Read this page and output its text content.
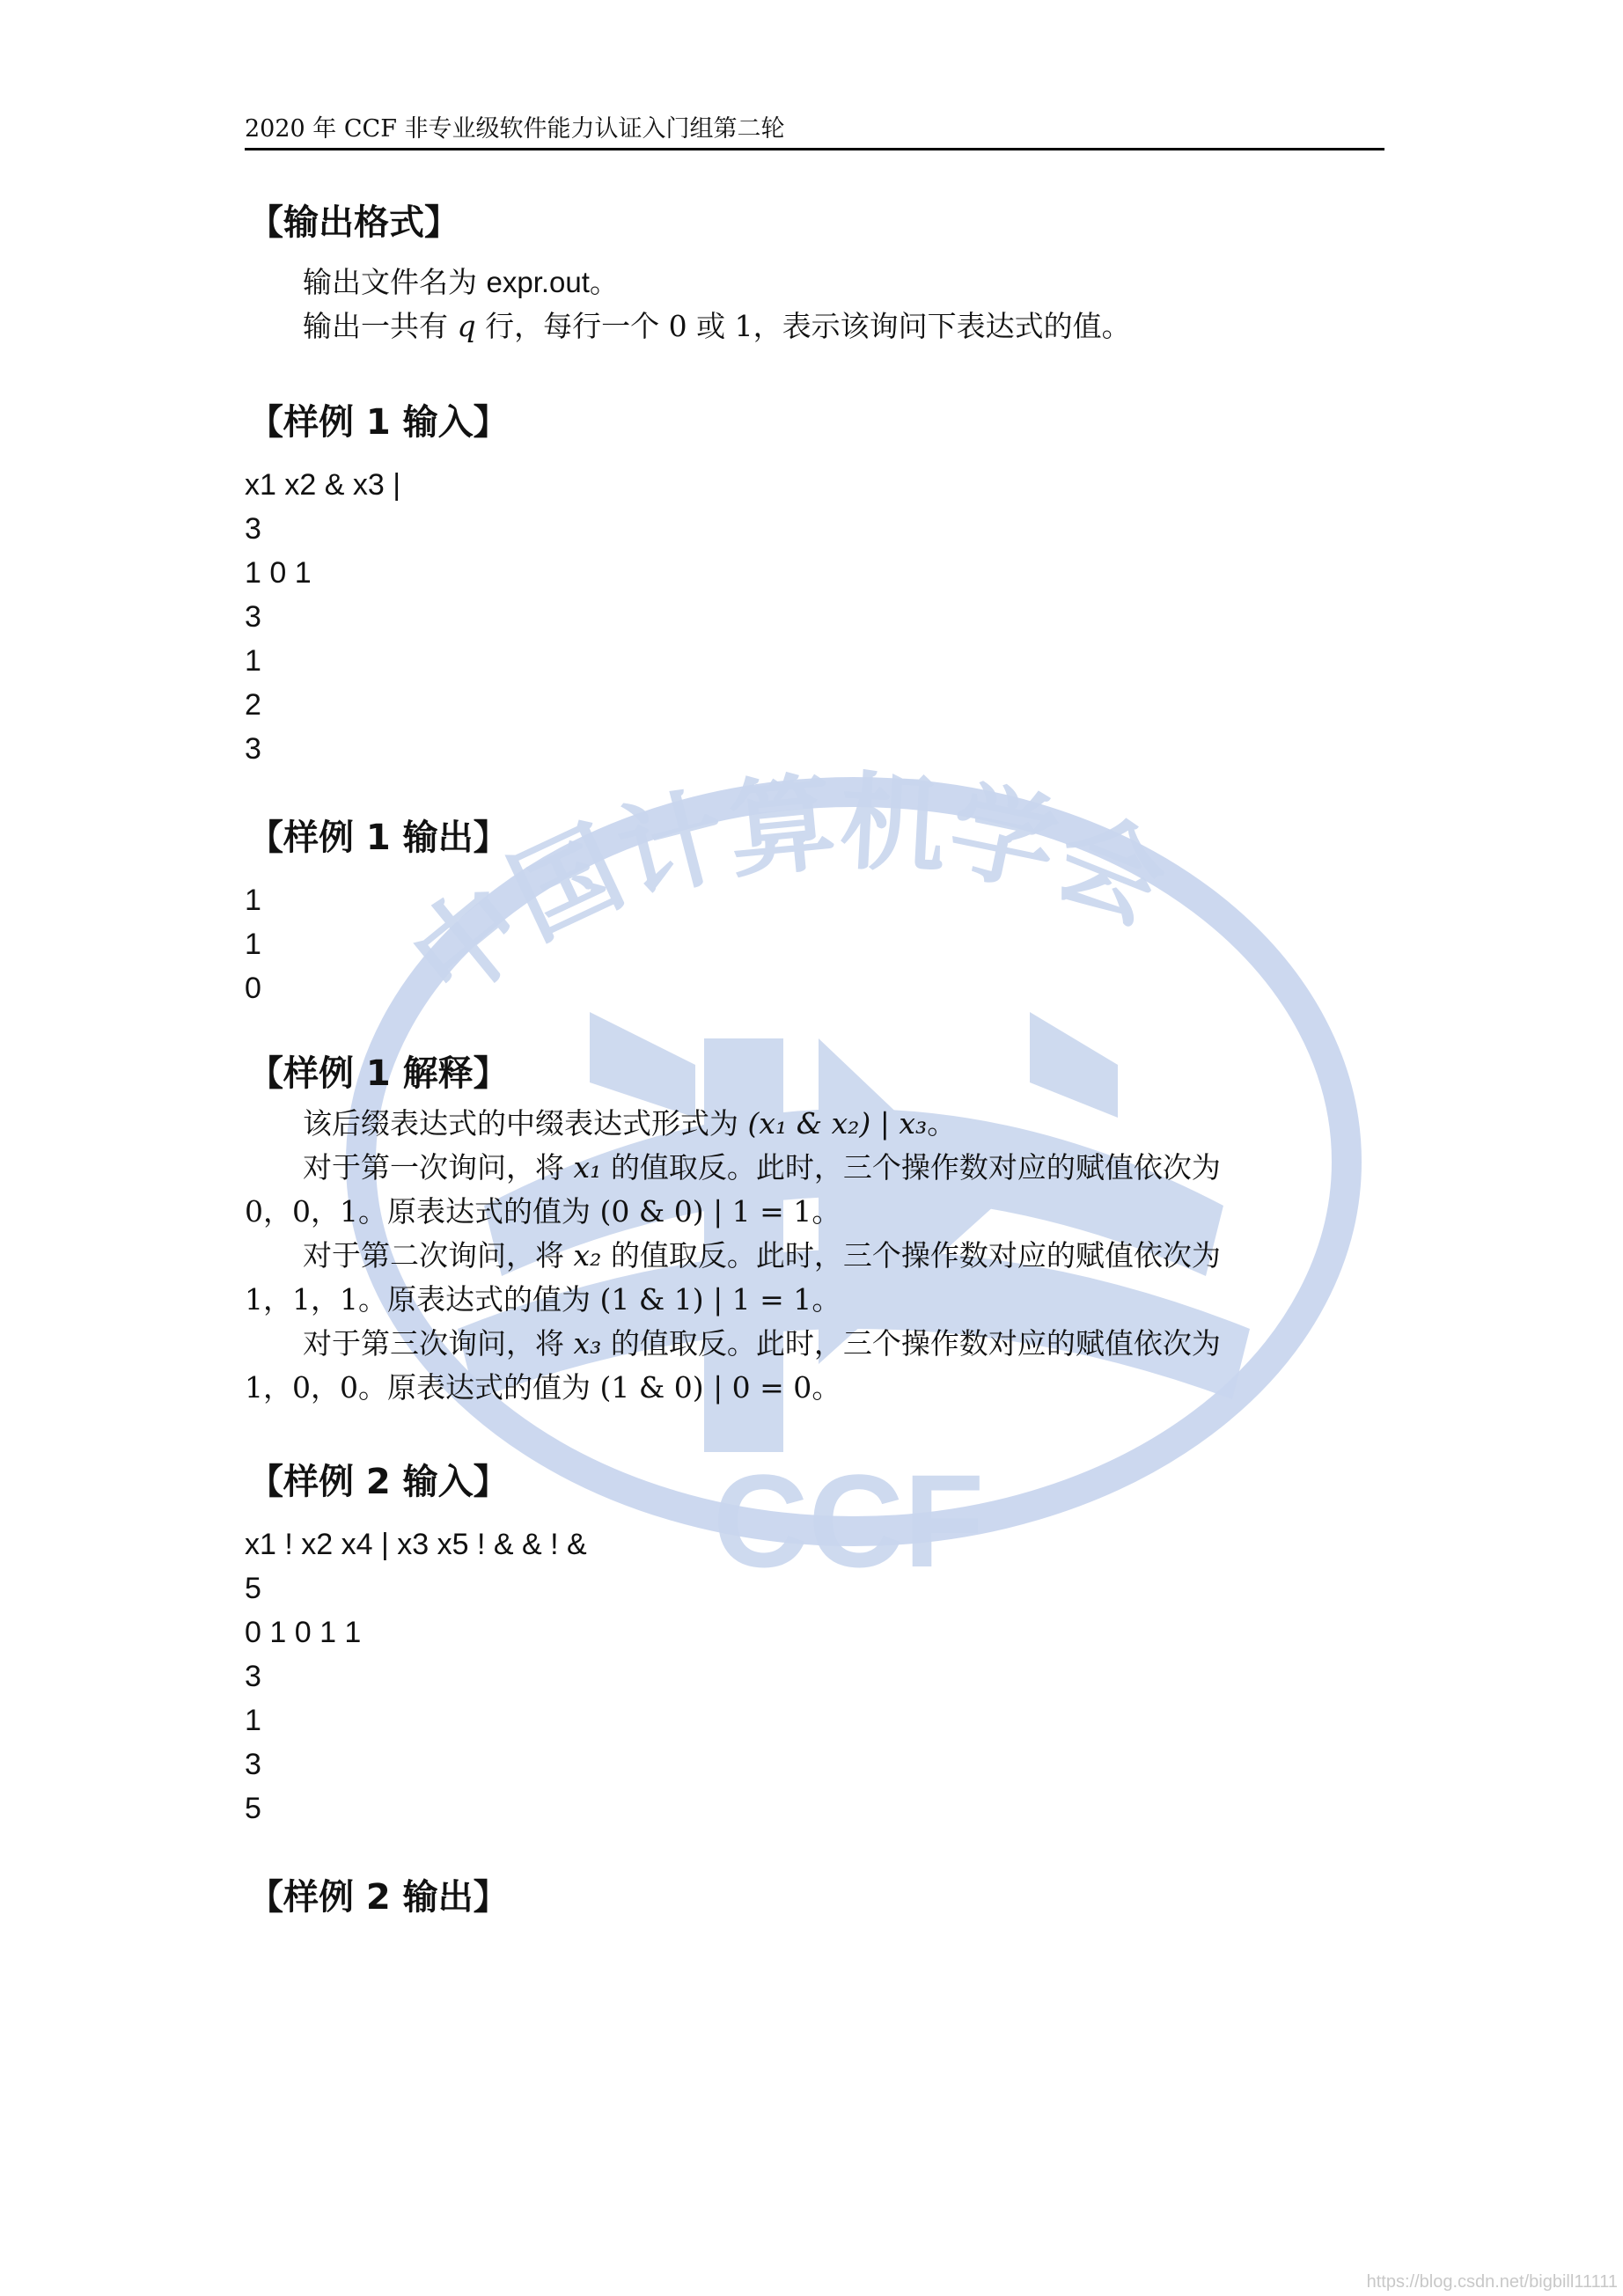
中国计算机学会
CCF
2020 年 CCF 非专业级软件能力认证入门组第二轮
【输出格式】

输出文件名为 expr.out。

输出一共有 q 行，每行一个 0 或 1，表示该询问下表达式的值。

【样例 1 输入】
x1 x2 & x3 |
3
1 0 1
3
1
2
3
【样例 1 输出】
1
1
0
【样例 1 解释】

该后缀表达式的中缀表达式形式为 (x₁ & x₂) | x₃。

对于第一次询问，将 x₁ 的值取反。此时，三个操作数对应的赋值依次为

0，0，1。原表达式的值为 (0 & 0) | 1 = 1。

对于第二次询问，将 x₂ 的值取反。此时，三个操作数对应的赋值依次为

1，1，1。原表达式的值为 (1 & 1) | 1 = 1。

对于第三次询问，将 x₃ 的值取反。此时，三个操作数对应的赋值依次为

1，0，0。原表达式的值为 (1 & 0) | 0 = 0。

【样例 2 输入】
x1 ! x2 x4 | x3 x5 ! & & ! &
5
0 1 0 1 1
3
1
3
5
【样例 2 输出】
https://blog.csdn.net/bigbill11111
